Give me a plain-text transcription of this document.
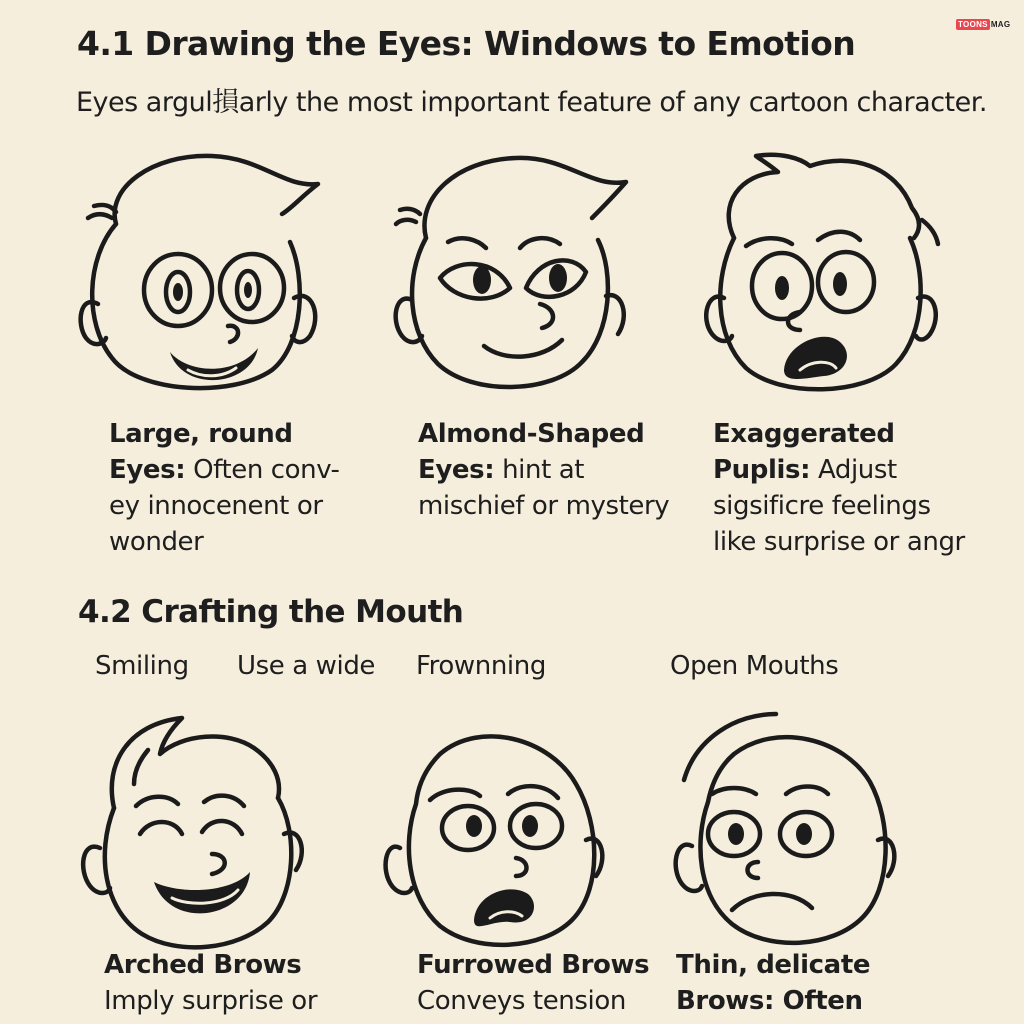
TOONS MAG
4.1 Drawing the Eyes: Windows to Emotion

Eyes argul損arly the most important feature of any cartoon character.

Large, round
Eyes: Often conv-
ey innocenent or
wonder
Almond-Shaped
Eyes: hint at
mischief or mystery
Exaggerated
Puplis: Adjust
sigsificre feelings
like surprise or angr
4.2 Crafting the Mouth
Smiling Use a wide Frownning	Open Mouths
Arched Brows
Imply surprise or
Furrowed Brows
Conveys tension
Thin, delicate
Brows: Often
